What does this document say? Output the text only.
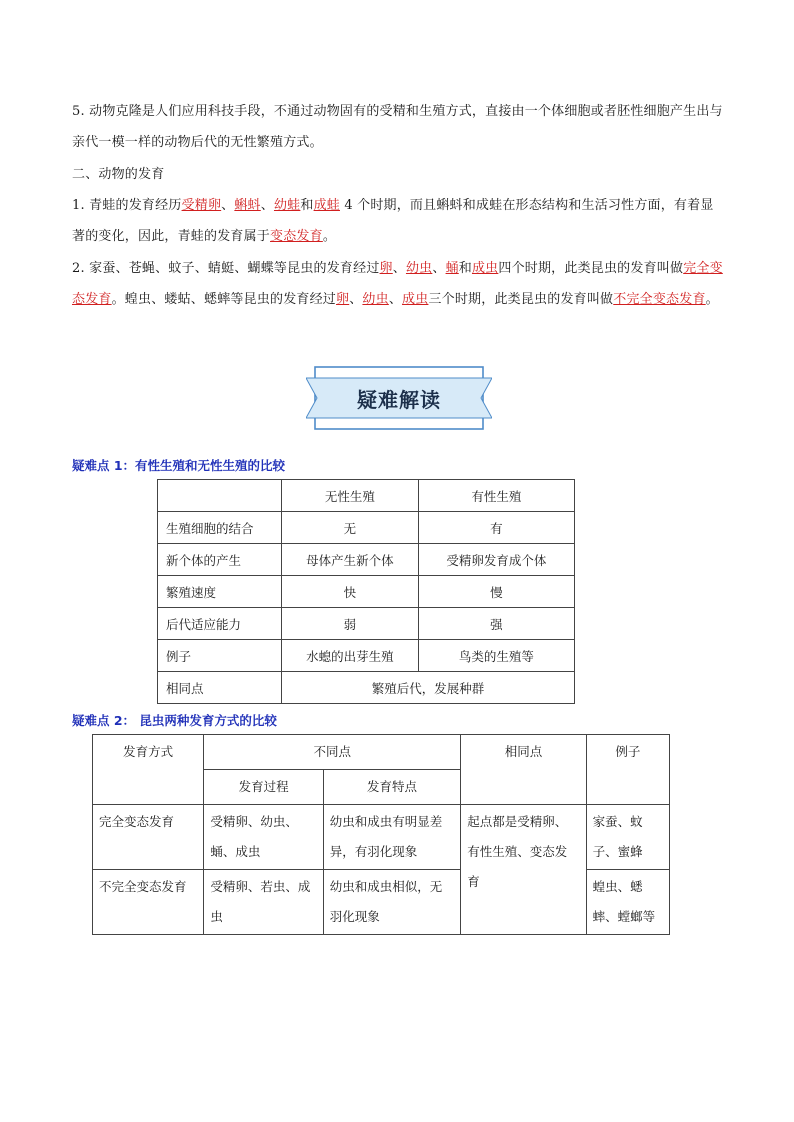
5. 动物克隆是人们应用科技手段，不通过动物固有的受精和生殖方式，直接由一个体细胞或者胚性细胞产生出与亲代一模一样的动物后代的无性繁殖方式。
二、动物的发育
1. 青蛙的发育经历受精卵、蝌蚪、幼蛙和成蛙 4 个时期，而且蝌蚪和成蛙在形态结构和生活习性方面，有着显著的变化，因此，青蛙的发育属于变态发育。
2. 家蚕、苍蝇、蚊子、蜻蜓、蝴蝶等昆虫的发育经过卵、幼虫、蛹和成虫四个时期，此类昆虫的发育叫做完全变态发育。蝗虫、蝼蛄、蟋蟀等昆虫的发育经过卵、幼虫、成虫三个时期，此类昆虫的发育叫做不完全变态发育。
疑难解读
疑难点 1：有性生殖和无性生殖的比较
	无性生殖	有性生殖
生殖细胞的结合	无	有
新个体的产生	母体产生新个体	受精卵发育成个体
繁殖速度	快	慢
后代适应能力	弱	强
例子	水螅的出芽生殖	鸟类的生殖等
相同点	繁殖后代，发展种群	
疑难点 2： 昆虫两种发育方式的比较
发育方式	不同点		相同点	例子
	发育过程	发育特点		
完全变态发育	受精卵、幼虫、蛹、成虫	幼虫和成虫有明显差异，有羽化现象	起点都是受精卵、有性生殖、变态发育	家蚕、蚊子、蜜蜂
不完全变态发育	受精卵、若虫、成虫	幼虫和成虫相似，无羽化现象		蝗虫、蟋蟀、螳螂等
